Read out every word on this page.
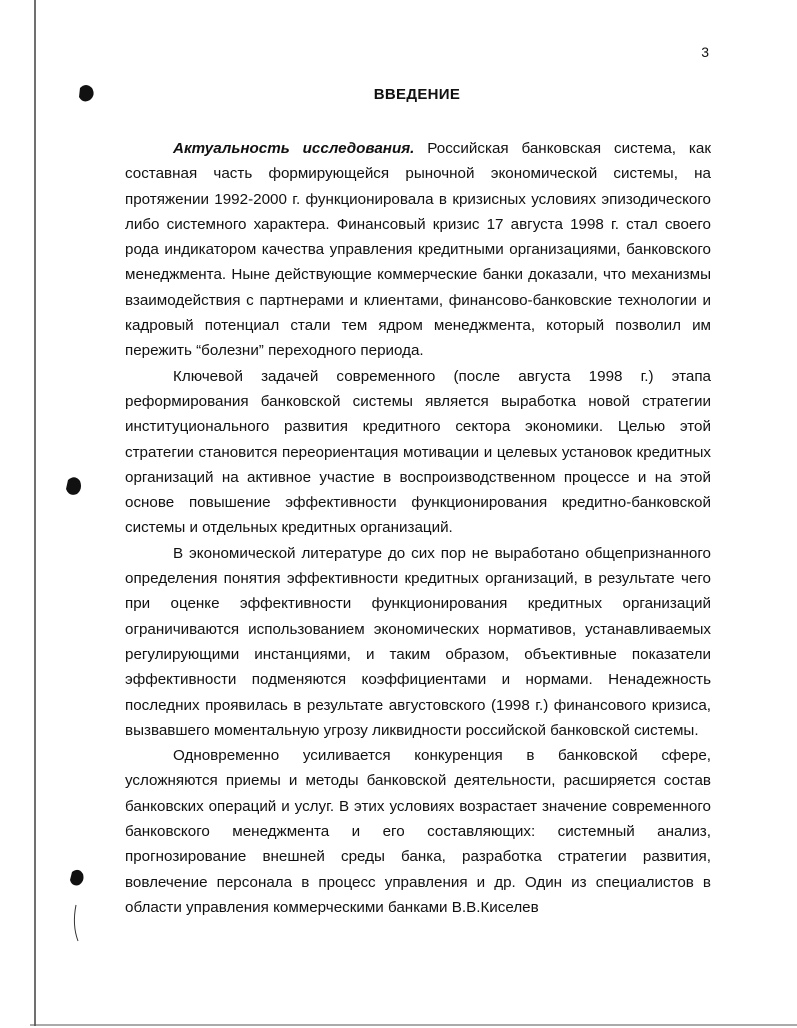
3
ВВЕДЕНИЕ

Актуальность исследования. Российская банковская система, как составная часть формирующейся рыночной экономической системы, на протяжении 1992-2000 г. функционировала в кризисных условиях эпизодического либо системного характера. Финансовый кризис 17 августа 1998 г. стал своего рода индикатором качества управления кредитными организациями, банковского менеджмента. Ныне действующие коммерческие банки доказали, что механизмы взаимодействия с партнерами и клиентами, финансово-банковские технологии и кадровый потенциал стали тем ядром менеджмента, который позволил им пережить “болезни” переходного периода.

Ключевой задачей современного (после августа 1998 г.) этапа реформирования банковской системы является выработка новой стратегии институционального развития кредитного сектора экономики. Целью этой стратегии становится переориентация мотивации и целевых установок кредитных организаций на активное участие в воспроизводственном процессе и на этой основе повышение эффективности функционирования кредитно-банковской системы и отдельных кредитных организаций.

В экономической литературе до сих пор не выработано общепризнанного определения понятия эффективности кредитных организаций, в результате чего при оценке эффективности функционирования кредитных организаций ограничиваются использованием экономических нормативов, устанавливаемых регулирующими инстанциями, и таким образом, объективные показатели эффективности подменяются коэффициентами и нормами. Ненадежность последних проявилась в результате августовского (1998 г.) финансового кризиса, вызвавшего моментальную угрозу ликвидности российской банковской системы.

Одновременно усиливается конкуренция в банковской сфере, усложняются приемы и методы банковской деятельности, расширяется состав банковских операций и услуг. В этих условиях возрастает значение современного банковского менеджмента и его составляющих: системный анализ, прогнозирование внешней среды банка, разработка стратегии развития, вовлечение персонала в процесс управления и др. Один из специалистов в области управления коммерческими банками В.В.Киселев
